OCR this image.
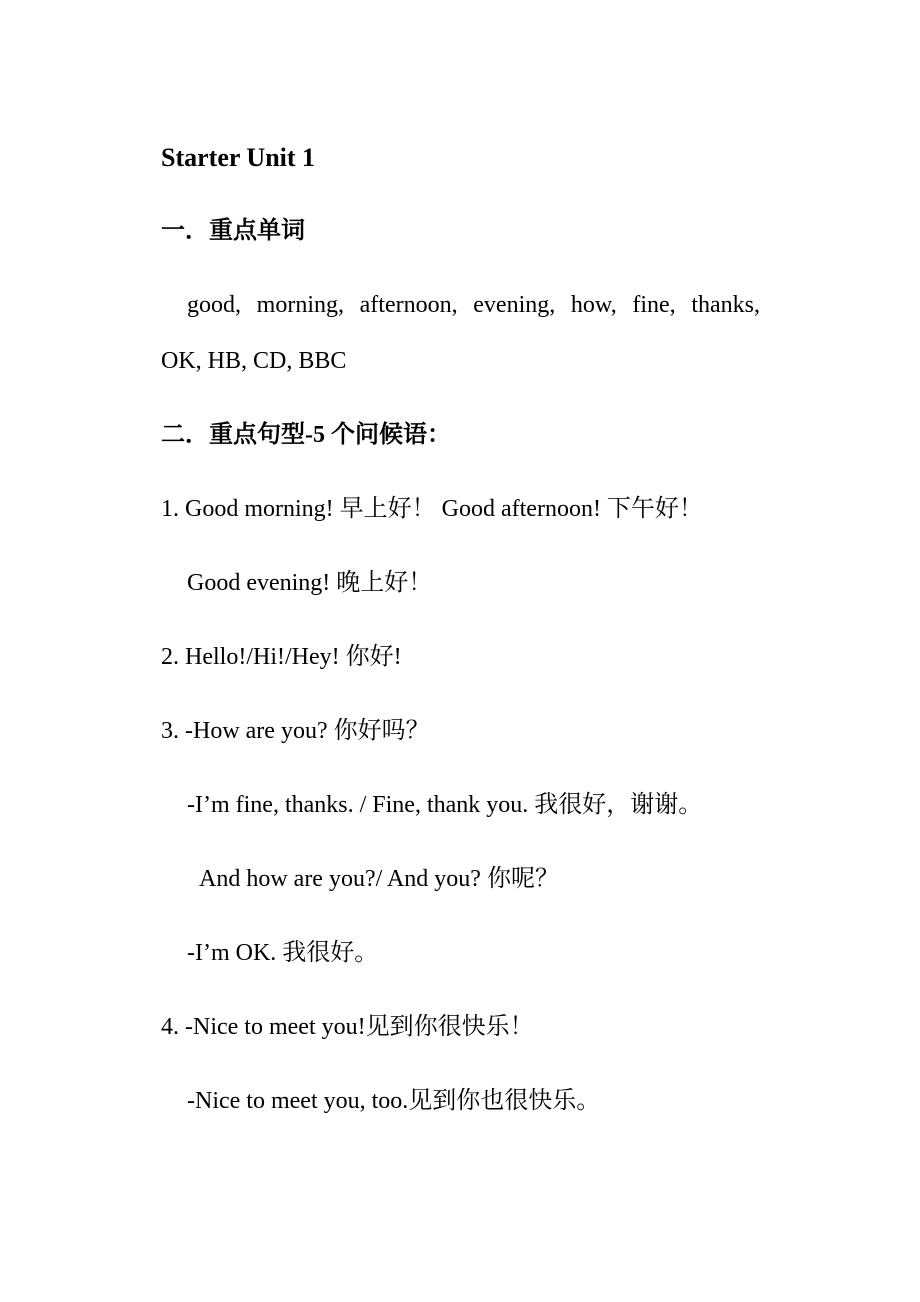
Starter Unit 1
一．重点单词
good, morning, afternoon, evening, how, fine, thanks,
OK, HB, CD, BBC
二．重点句型-5 个问候语：
1. Good morning! 早上好！ Good afternoon! 下午好！
Good evening! 晚上好！
2. Hello!/Hi!/Hey! 你好!
3. -How are you? 你好吗？
-I’m fine, thanks. / Fine, thank you. 我很好，谢谢。
And how are you?/ And you? 你呢？
-I’m OK. 我很好。
4. -Nice to meet you!见到你很快乐！
-Nice to meet you, too.见到你也很快乐。
